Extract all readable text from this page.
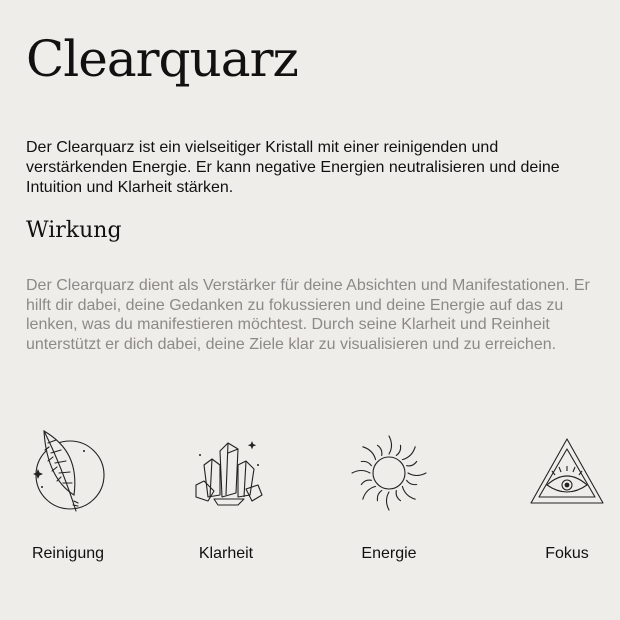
Clearquarz

Der Clearquarz ist ein vielseitiger Kristall mit einer reinigenden und verstärkenden Energie. Er kann negative Energien neutralisieren und deine Intuition und Klarheit stärken.

Wirkung

Der Clearquarz dient als Verstärker für deine Absichten und Manifestationen. Er hilft dir dabei, deine Gedanken zu fokussieren und deine Energie auf das zu lenken, was du manifestieren möchtest. Durch seine Klarheit und Reinheit unterstützt er dich dabei, deine Ziele klar zu visualisieren und zu erreichen.

Reinigung	Klarheit	Energie	Fokus
